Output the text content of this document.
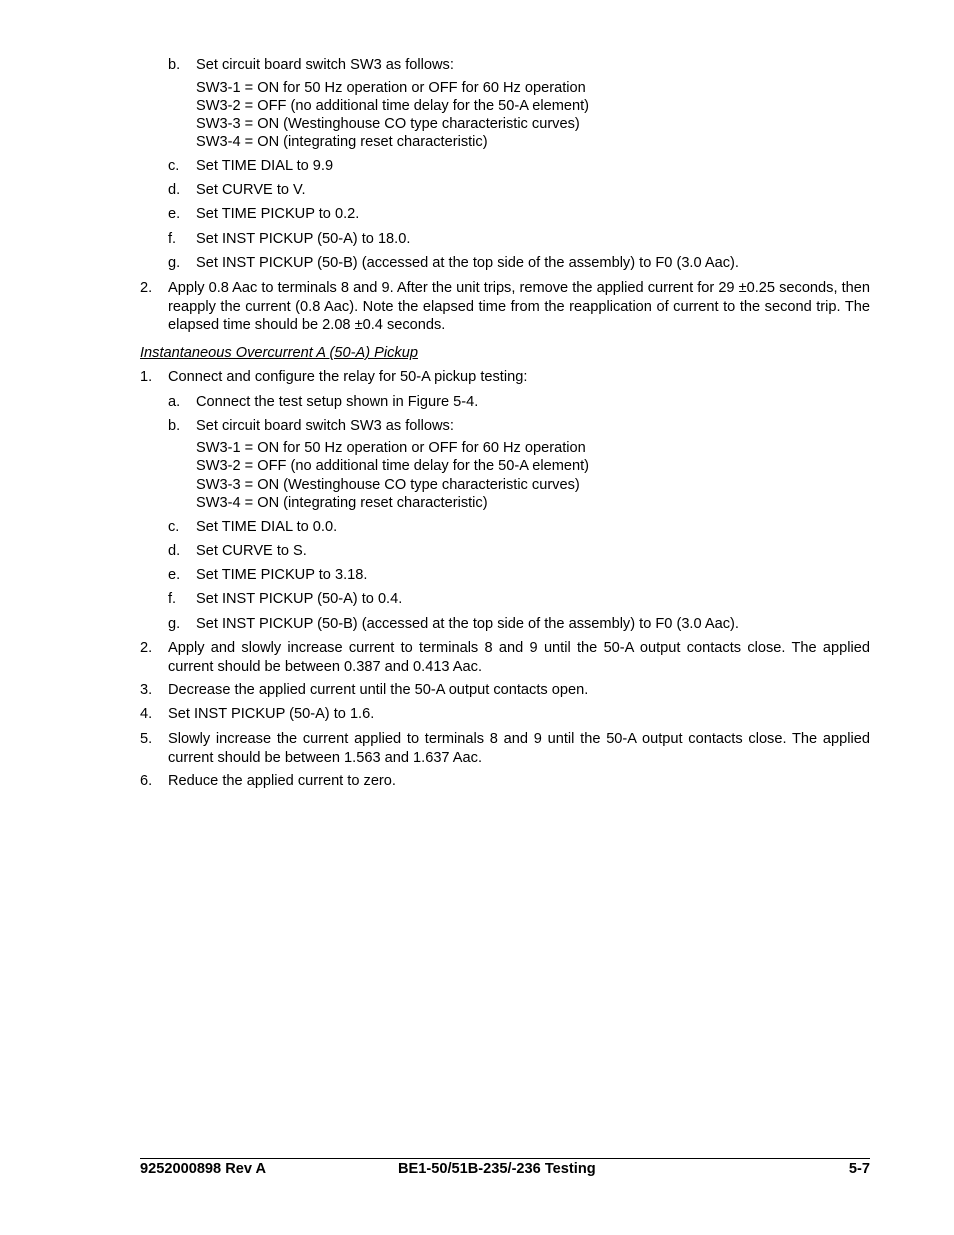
b. Set circuit board switch SW3 as follows:
SW3-1 = ON for 50 Hz operation or OFF for 60 Hz operation
SW3-2 = OFF (no additional time delay for the 50-A element)
SW3-3 = ON (Westinghouse CO type characteristic curves)
SW3-4 = ON (integrating reset characteristic)
c. Set TIME DIAL to 9.9
d. Set CURVE to V.
e. Set TIME PICKUP to 0.2.
f. Set INST PICKUP (50-A) to 18.0.
g. Set INST PICKUP (50-B) (accessed at the top side of the assembly) to F0 (3.0 Aac).
2. Apply 0.8 Aac to terminals 8 and 9. After the unit trips, remove the applied current for 29 ±0.25 seconds, then reapply the current (0.8 Aac). Note the elapsed time from the reapplication of current to the second trip. The elapsed time should be 2.08 ±0.4 seconds.
Instantaneous Overcurrent A (50-A) Pickup
1. Connect and configure the relay for 50-A pickup testing:
a. Connect the test setup shown in Figure 5-4.
b. Set circuit board switch SW3 as follows:
SW3-1 = ON for 50 Hz operation or OFF for 60 Hz operation
SW3-2 = OFF (no additional time delay for the 50-A element)
SW3-3 = ON (Westinghouse CO type characteristic curves)
SW3-4 = ON (integrating reset characteristic)
c. Set TIME DIAL to 0.0.
d. Set CURVE to S.
e. Set TIME PICKUP to 3.18.
f. Set INST PICKUP (50-A) to 0.4.
g. Set INST PICKUP (50-B) (accessed at the top side of the assembly) to F0 (3.0 Aac).
2. Apply and slowly increase current to terminals 8 and 9 until the 50-A output contacts close. The applied current should be between 0.387 and 0.413 Aac.
3. Decrease the applied current until the 50-A output contacts open.
4. Set INST PICKUP (50-A) to 1.6.
5. Slowly increase the current applied to terminals 8 and 9 until the 50-A output contacts close. The applied current should be between 1.563 and 1.637 Aac.
6. Reduce the applied current to zero.
9252000898 Rev A	BE1-50/51B-235/-236 Testing	5-7
